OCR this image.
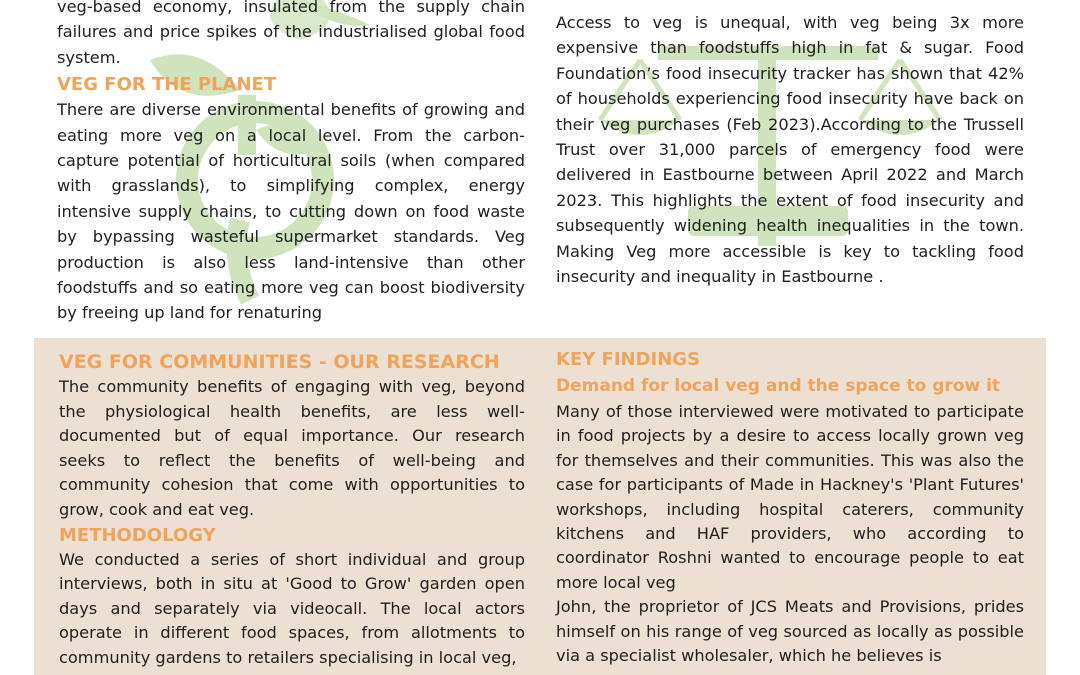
veg-based economy, insulated from the supply chain failures and price spikes of the industrialised global food system.

VEG FOR THE PLANET

There are diverse environmental benefits of growing and eating more veg on a local level. From the carbon-capture potential of horticultural soils (when compared with grasslands), to simplifying complex, energy intensive supply chains, to cutting down on food waste by bypassing wasteful supermarket standards. Veg production is also less land-intensive than other foodstuffs and so eating more veg can boost biodiversity by freeing up land for renaturing

Access to veg is unequal, with veg being 3x more expensive than foodstuffs high in fat & sugar. Food Foundation’s food insecurity tracker has shown that 42% of households experiencing food insecurity have back on their veg purchases (Feb 2023).According to the Trussell Trust over 31,000 parcels of emergency food were delivered in Eastbourne between April 2022 and March 2023. This highlights the extent of food insecurity and subsequently widening health inequalities in the town. Making Veg more accessible is key to tackling food insecurity and inequality in Eastbourne .

VEG FOR COMMUNITIES - OUR RESEARCH

The community benefits of engaging with veg, beyond the physiological health benefits, are less well-documented but of equal importance. Our research seeks to reflect the benefits of well-being and community cohesion that come with opportunities to grow, cook and eat veg.

METHODOLOGY

We conducted a series of short individual and group interviews, both in situ at 'Good to Grow' garden open days and separately via videocall. The local actors operate in different food spaces, from allotments to community gardens to retailers specialising in local veg,

KEY FINDINGS
Demand for local veg and the space to grow it

Many of those interviewed were motivated to participate in food projects by a desire to access locally grown veg for themselves and their communities. This was also the case for participants of Made in Hackney's 'Plant Futures' workshops, including hospital caterers, community kitchens and HAF providers, who according to coordinator Roshni wanted to encourage people to eat more local veg

John, the proprietor of JCS Meats and Provisions, prides himself on his range of veg sourced as locally as possible via a specialist wholesaler, which he believes is
